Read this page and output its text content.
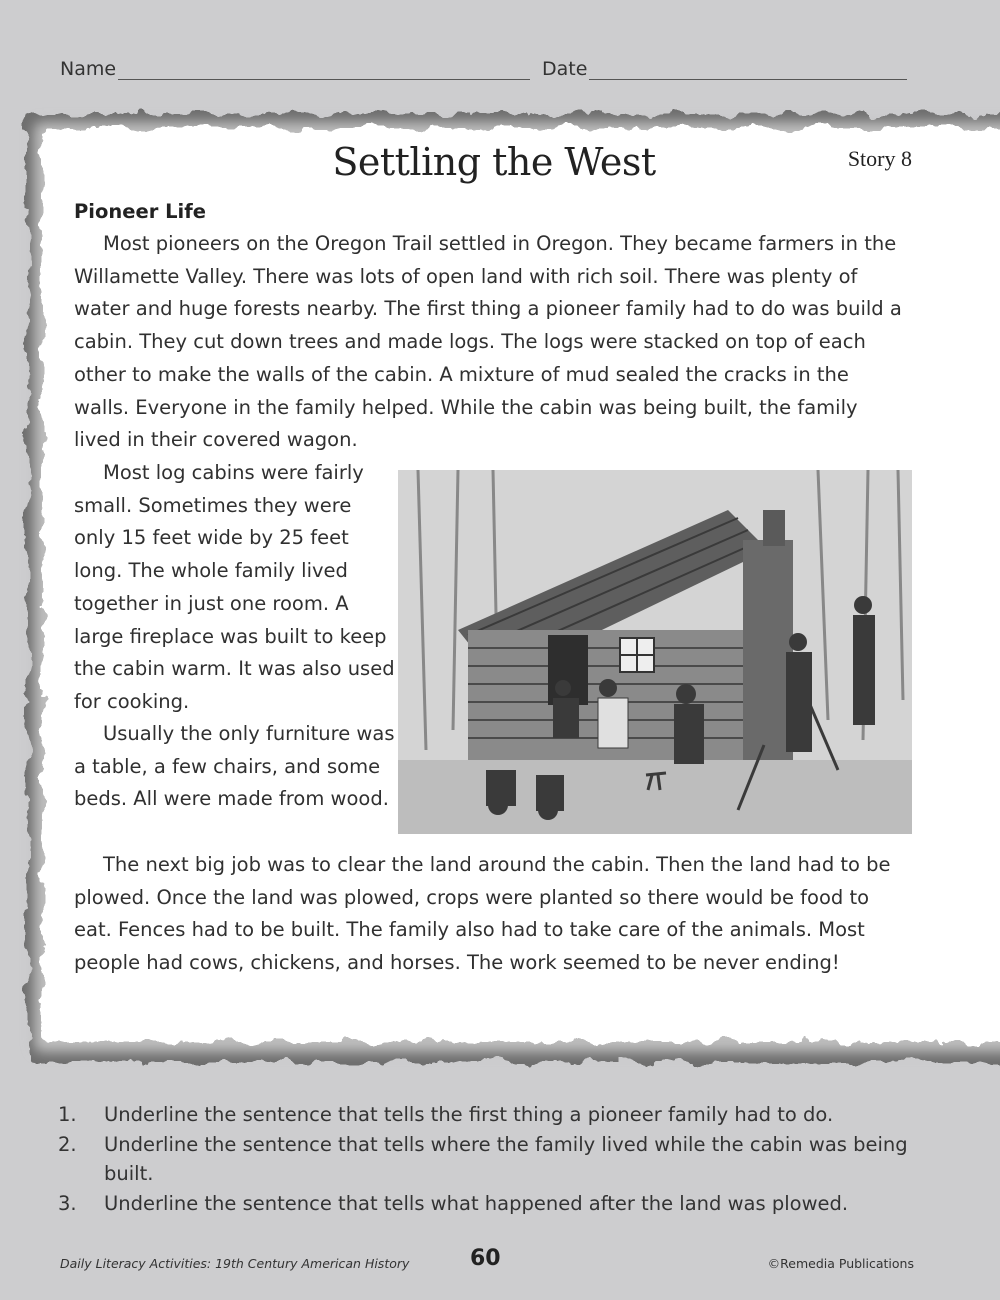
Name	Date
Settling the West	Story 8
Pioneer Life

Most pioneers on the Oregon Trail settled in Oregon. They became farmers in the Willamette Valley. There was lots of open land with rich soil. There was plenty of water and huge forests nearby. The first thing a pioneer family had to do was build a cabin. They cut down trees and made logs. The logs were stacked on top of each other to make the walls of the cabin. A mixture of mud sealed the cracks in the walls. Everyone in the family helped. While the cabin was being built, the family lived in their covered wagon.

Most log cabins were fairly small. Sometimes they were only 15 feet wide by 25 feet long. The whole family lived together in just one room. A large fireplace was built to keep the cabin warm. It was also used for cooking.

Usually the only furniture was a table, a few chairs, and some beds. All were made from wood.

The next big job was to clear the land around the cabin. Then the land had to be plowed. Once the land was plowed, crops were planted so there would be food to eat. Fences had to be built. The family also had to take care of the animals. Most people had cows, chickens, and horses. The work seemed to be never ending!

1.	Underline the sentence that tells the first thing a pioneer family had to do.
2.	Underline the sentence that tells where the family lived while the cabin was being built.
3.	Underline the sentence that tells what happened after the land was plowed.
Daily Literacy Activities: 19th Century American History	60	©Remedia Publications
